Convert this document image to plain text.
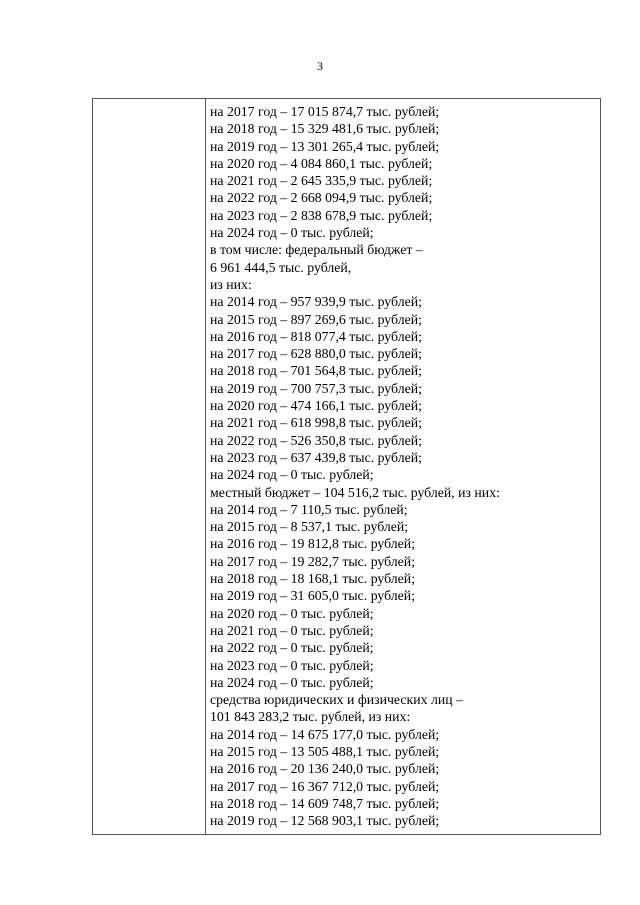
3
на 2017 год – 17 015 874,7 тыс. рублей;
на 2018 год – 15 329 481,6 тыс. рублей;
на 2019 год – 13 301 265,4 тыс. рублей;
на 2020 год – 4 084 860,1 тыс. рублей;
на 2021 год – 2 645 335,9 тыс. рублей;
на 2022 год – 2 668 094,9 тыс. рублей;
на 2023 год – 2 838 678,9 тыс. рублей;
на 2024 год – 0 тыс. рублей;
в том числе: федеральный бюджет –
6 961 444,5 тыс. рублей,
из них:
на 2014 год – 957 939,9 тыс. рублей;
на 2015 год – 897 269,6 тыс. рублей;
на 2016 год – 818 077,4 тыс. рублей;
на 2017 год – 628 880,0 тыс. рублей;
на 2018 год – 701 564,8 тыс. рублей;
на 2019 год – 700 757,3 тыс. рублей;
на 2020 год – 474 166,1 тыс. рублей;
на 2021 год – 618 998,8 тыс. рублей;
на 2022 год – 526 350,8 тыс. рублей;
на 2023 год – 637 439,8 тыс. рублей;
на 2024 год – 0 тыс. рублей;
местный бюджет – 104 516,2 тыс. рублей, из них:
на 2014 год – 7 110,5 тыс. рублей;
на 2015 год – 8 537,1 тыс. рублей;
на 2016 год – 19 812,8 тыс. рублей;
на 2017 год – 19 282,7 тыс. рублей;
на 2018 год – 18 168,1 тыс. рублей;
на 2019 год – 31 605,0 тыс. рублей;
на 2020 год – 0 тыс. рублей;
на 2021 год – 0 тыс. рублей;
на 2022 год – 0 тыс. рублей;
на 2023 год – 0 тыс. рублей;
на 2024 год – 0 тыс. рублей;
средства юридических и физических лиц –
101 843 283,2 тыс. рублей, из них:
на 2014 год – 14 675 177,0 тыс. рублей;
на 2015 год – 13 505 488,1 тыс. рублей;
на 2016 год – 20 136 240,0 тыс. рублей;
на 2017 год – 16 367 712,0 тыс. рублей;
на 2018 год – 14 609 748,7 тыс. рублей;
на 2019 год – 12 568 903,1 тыс. рублей;
